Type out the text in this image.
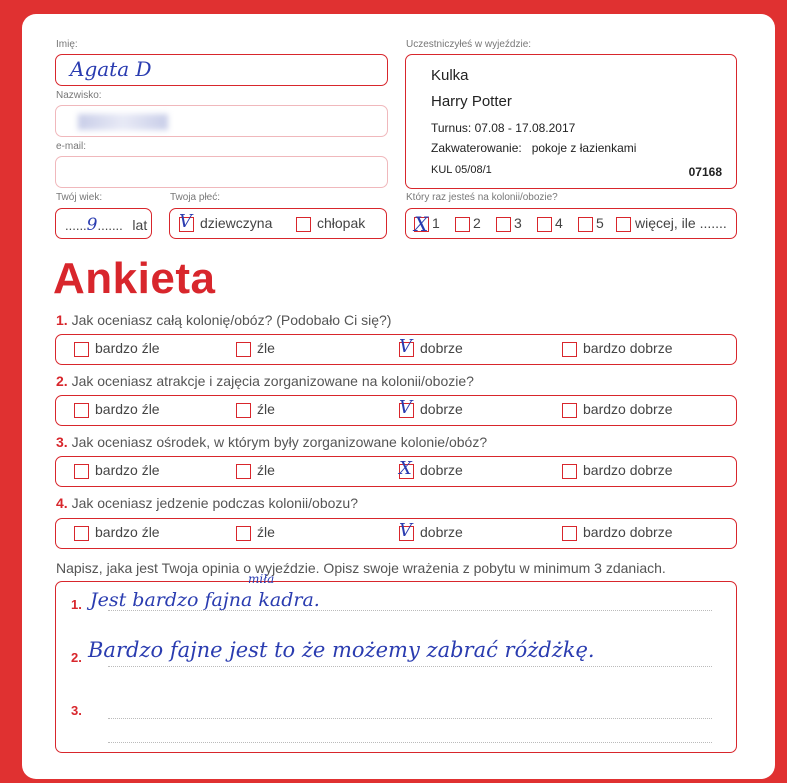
Imię:
Agata D
Nazwisko:
e-mail:
Twój wiek:
......9....... lat
Twoja płeć:
V dziewczyna	chłopak
Uczestniczyłeś w wyjeździe:
Kulka
Harry Potter
Turnus: 07.08 - 17.08.2017
Zakwaterowanie:   pokoje z łazienkami
KUL 05/08/1	07168
Który raz jesteś na kolonii/obozie?
X 1	2	3	4	5	więcej, ile .......
Ankieta
1. Jak oceniasz całą kolonię/obóz? (Podobało Ci się?)
bardzo źle	źle	V dobrze	bardzo dobrze
2. Jak oceniasz atrakcje i zajęcia zorganizowane na kolonii/obozie?
bardzo źle	źle	V dobrze	bardzo dobrze
3. Jak oceniasz ośrodek, w którym były zorganizowane kolonie/obóz?
bardzo źle	źle	X dobrze	bardzo dobrze
4. Jak oceniasz jedzenie podczas kolonii/obozu?
bardzo źle	źle	V dobrze	bardzo dobrze
Napisz, jaka jest Twoja opinia o wyjeździe. Opisz swoje wrażenia z pobytu w minimum 3 zdaniach.
1.
miła
Jest bardzo fajna kadra.
2. Bardzo fajne jest to że możemy zabrać różdżkę.
3.
